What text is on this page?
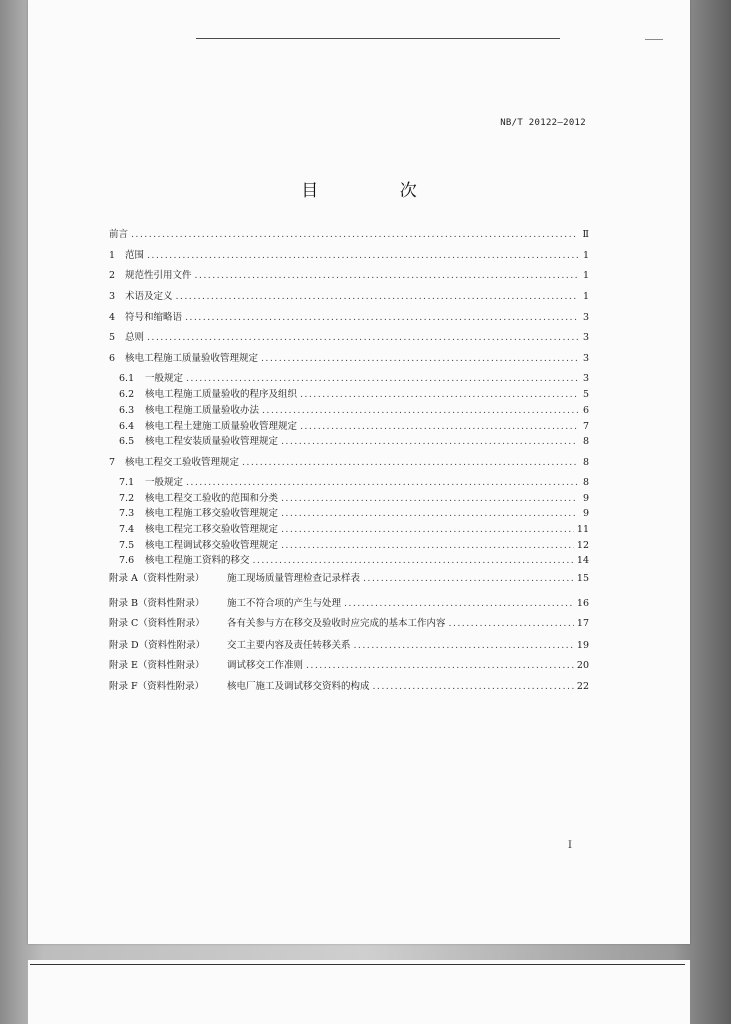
NB/T 20122—2012
目 次
前言 .....	Ⅱ
1	范围 .....	1
2	规范性引用文件 .....	1
3	术语及定义 .....	1
4	符号和缩略语 .....	3
5	总则 .....	3
6	核电工程施工质量验收管理规定 .....	3
6.1	一般规定 .....	3
6.2	核电工程施工质量验收的程序及组织 .....	5
6.3	核电工程施工质量验收办法 .....	6
6.4	核电工程土建施工质量验收管理规定 .....	7
6.5	核电工程安装质量验收管理规定 .....	8
7	核电工程交工验收管理规定 .....	8
7.1	一般规定 .....	8
7.2	核电工程交工验收的范围和分类 .....	9
7.3	核电工程施工移交验收管理规定 .....	9
7.4	核电工程完工移交验收管理规定 .....	11
7.5	核电工程调试移交验收管理规定 .....	12
7.6	核电工程施工资料的移交 .....	14
附录 A（资料性附录）	施工现场质量管理检查记录样表 .....	15
附录 B（资料性附录）	施工不符合项的产生与处理 .....	16
附录 C（资料性附录）	各有关参与方在移交及验收时应完成的基本工作内容 .....	17
附录 D（资料性附录）	交工主要内容及责任转移关系 .....	19
附录 E（资料性附录）	调试移交工作准则 .....	20
附录 F（资料性附录）	核电厂施工及调试移交资料的构成 .....	22
I
